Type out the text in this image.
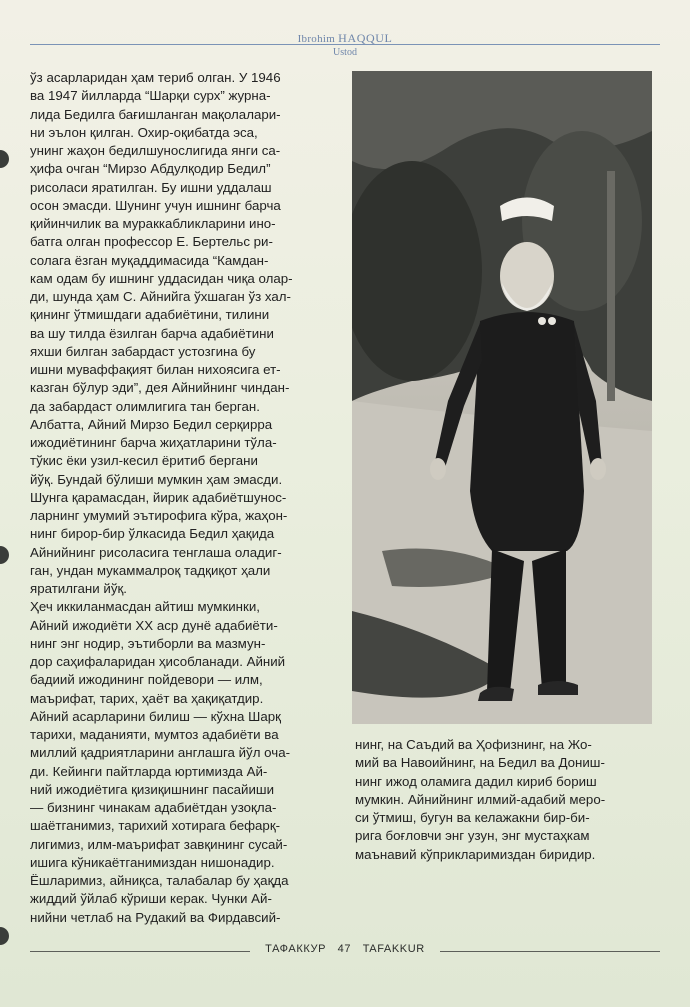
Ibrohim HAQQUL
Ustod
ўз асарларидан ҳам териб олган. У 1946
ва 1947 йилларда “Шарқи сурх” журна-
лида Бедилга бағишланган мақолалари-
ни эълон қилган. Охир-оқибатда эса,
унинг жаҳон бедилшунослигида янги са-
ҳифа очган “Мирзо Абдулқодир Бедил”
рисоласи яратилган. Бу ишни уддалаш
осон эмасди. Шунинг учун ишнинг барча
қийинчилик ва мураккабликларини ино-
батга олган профессор Е. Бертельс ри-
солага ёзган муқаддимасида “Камдан-
кам одам бу ишнинг уддасидан чиқа олар-
ди, шунда ҳам С. Айнийга ўхшаган ўз хал-
қининг ўтмишдаги адабиётини, тилини
ва шу тилда ёзилган барча адабиётини
яхши билган забардаст устозгина бу
ишни муваффақият билан нихоясига ет-
казган бўлур эди”, дея Айнийнинг чиндан-
да забардаст олимлигига тан берган.
Албатта, Айний Мирзо Бедил серқирра
ижодиётининг барча жиҳатларини тўла-
тўкис ёки узил-кесил ёритиб бергани
йўқ. Бундай бўлиши мумкин ҳам эмасди.
Шунга қарамасдан, йирик адабиётшунос-
ларнинг умумий эътирофига кўра, жаҳон-
нинг бирор-бир ўлкасида Бедил ҳақида
Айнийнинг рисоласига тенглаша оладиг-
ган, ундан мукаммалроқ тадқиқот ҳали
яратилгани йўқ.
Ҳеч иккиланмасдан айтиш мумкинки,
Айний ижодиёти XX аср дунё адабиёти-
нинг энг нодир, эътиборли ва мазмун-
дор саҳифаларидан ҳисобланади. Айний
бадиий ижодининг пойдевори — илм,
маърифат, тарих, ҳаёт ва ҳақиқатдир.
Айний асарларини билиш — кўхна Шарқ
тарихи, маданияти, мумтоз адабиёти ва
миллий қадриятларини англашга йўл оча-
ди. Кейинги пайтларда юртимизда Ай-
ний ижодиётига қизиқишнинг пасайиши
— бизнинг чинакам адабиётдан узоқла-
шаётганимиз, тарихий хотирага бефарқ-
лигимиз, илм-маърифат завқининг сусай-
ишига кўникаётганимиздан нишонадир.
Ёшларимиз, айниқса, талабалар бу ҳақда
жиддий ўйлаб кўриши керак. Чунки Ай-
нийни четлаб на Рудакий ва Фирдавсий-
нинг, на Саъдий ва Ҳофизнинг, на Жо-
мий ва Навоийнинг, на Бедил ва Дониш-
нинг ижод оламига дадил кириб бориш
мумкин. Айнийнинг илмий-адабий меро-
си ўтмиш, бугун ва келажакни бир-би-
рига боғловчи энг узун, энг мустаҳкам
маънавий кўприкларимиздан биридир.
ТАФАККУР 47 TAFAKKUR
